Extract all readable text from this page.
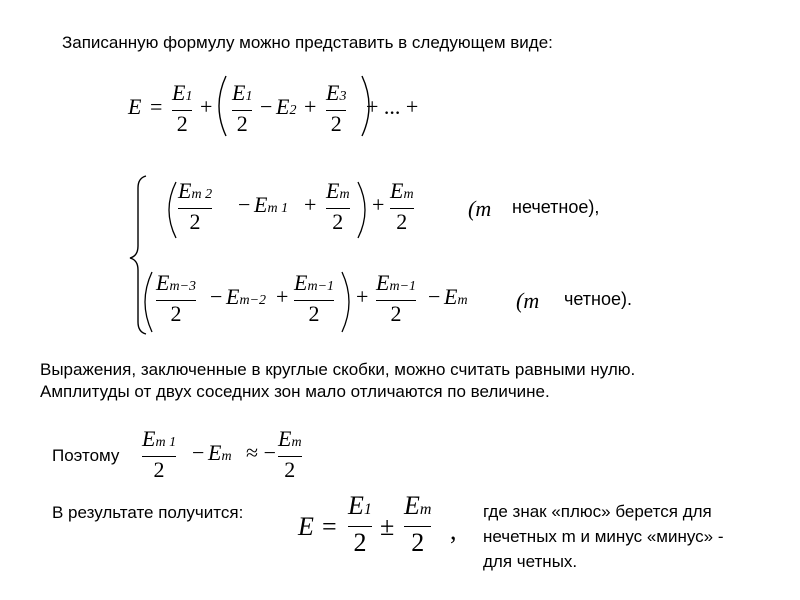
Записанную формулу можно представить в следующем виде:
E =
E1
2
+
E1
2
− E2 +
E3
2
+ ... +
Em 2
2
− Em 1 +
Em
2
+
Em
2
(m нечетное),
Em−3
2
− Em−2 +
Em−1
2
+
Em−1
2
− Em (m четное).
Выражения, заключенные в круглые скобки, можно считать равными нулю.
Амплитуды от двух соседних зон мало отличаются по величине.
Поэтому
Em 1
2
− Em ≈ −
Em
2
В результате получится: E =
E1
2
±
Em
2 ,
где знак «плюс» берется для
нечетных m и минус «минус» -
для четных.
